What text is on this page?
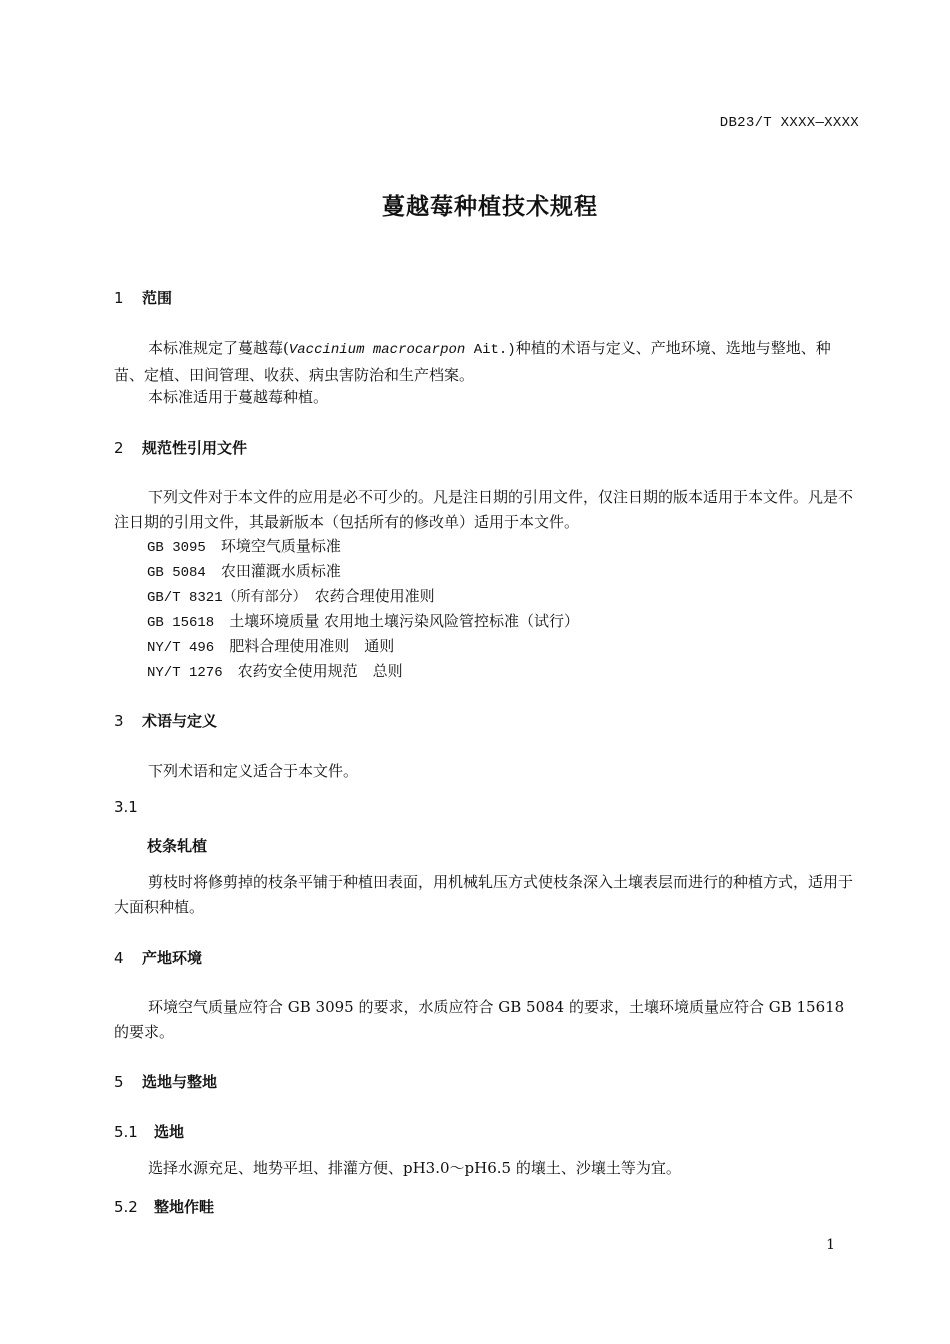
DB23/T XXXX—XXXX
蔓越莓种植技术规程
1 范围
本标准规定了蔓越莓(Vaccinium macrocarpon Ait.)种植的术语与定义、产地环境、选地与整地、种苗、定植、田间管理、收获、病虫害防治和生产档案。
本标准适用于蔓越莓种植。
2 规范性引用文件
下列文件对于本文件的应用是必不可少的。凡是注日期的引用文件，仅注日期的版本适用于本文件。凡是不注日期的引用文件，其最新版本（包括所有的修改单）适用于本文件。
GB 3095　 环境空气质量标准
GB 5084　 农田灌溉水质标准
GB/T 8321（所有部分）　 农药合理使用准则
GB 15618　 土壤环境质量 农用地土壤污染风险管控标准（试行）
NY/T 496　 肥料合理使用准则　通则
NY/T 1276　 农药安全使用规范　总则
3 术语与定义
下列术语和定义适合于本文件。
3.1
枝条轧植
剪枝时将修剪掉的枝条平铺于种植田表面，用机械轧压方式使枝条深入土壤表层而进行的种植方式，适用于大面积种植。
4 产地环境
环境空气质量应符合 GB 3095 的要求，水质应符合 GB 5084 的要求，土壤环境质量应符合 GB 15618 的要求。
5 选地与整地
5.1 选地
选择水源充足、地势平坦、排灌方便、pH3.0～pH6.5 的壤土、沙壤土等为宜。
5.2 整地作畦
1
